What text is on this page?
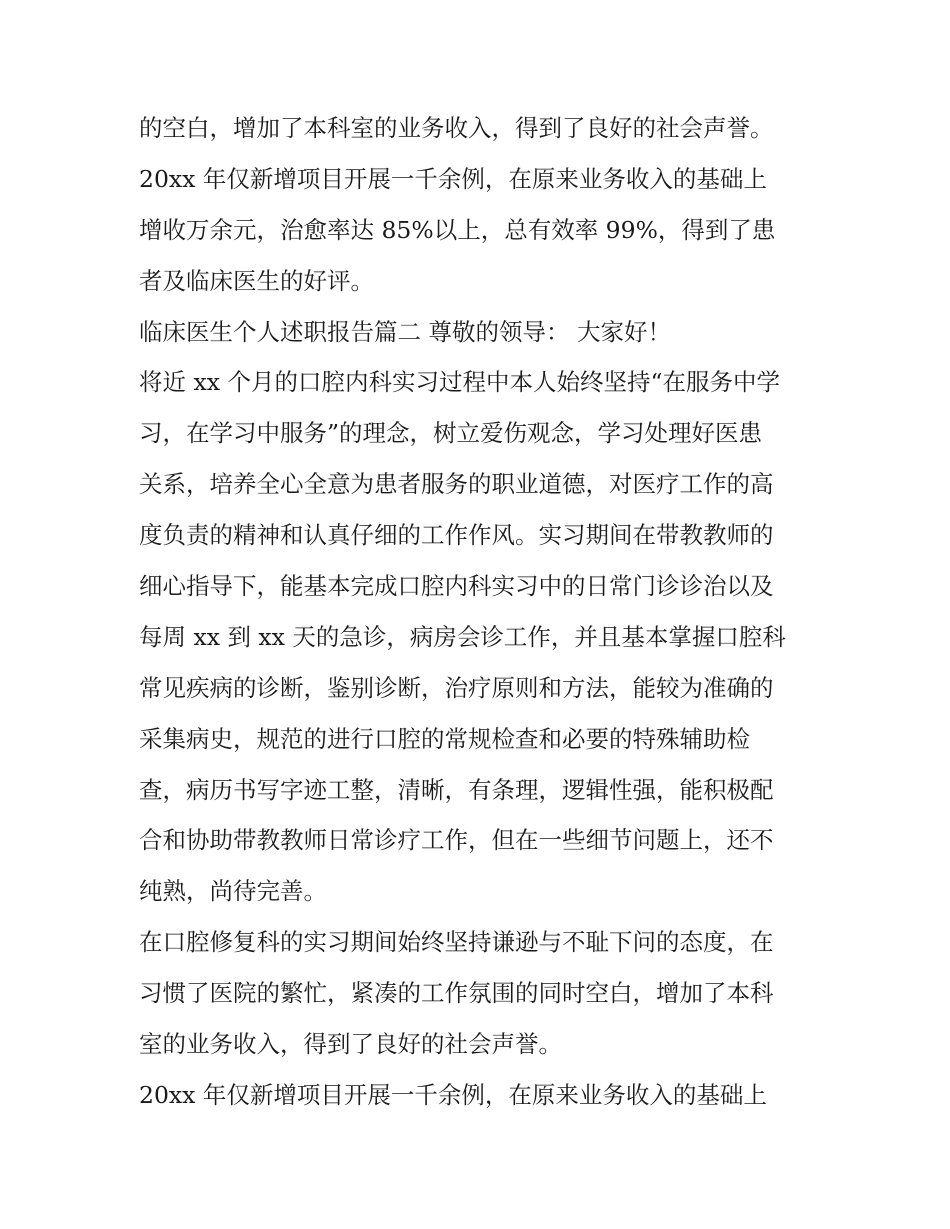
的空白，增加了本科室的业务收入，得到了良好的社会声誉。
20xx 年仅新增项目开展一千余例，在原来业务收入的基础上
增收万余元，治愈率达 85%以上，总有效率 99%，得到了患
者及临床医生的好评。
临床医生个人述职报告篇二 尊敬的领导： 大家好！
将近 xx 个月的口腔内科实习过程中本人始终坚持“在服务中学
习，在学习中服务”的理念，树立爱伤观念，学习处理好医患
关系，培养全心全意为患者服务的职业道德，对医疗工作的高
度负责的精神和认真仔细的工作作风。实习期间在带教教师的
细心指导下，能基本完成口腔内科实习中的日常门诊诊治以及
每周 xx 到 xx 天的急诊，病房会诊工作，并且基本掌握口腔科
常见疾病的诊断，鉴别诊断，治疗原则和方法，能较为准确的
采集病史，规范的进行口腔的常规检查和必要的特殊辅助检
查，病历书写字迹工整，清晰，有条理，逻辑性强，能积极配
合和协助带教教师日常诊疗工作，但在一些细节问题上，还不
纯熟，尚待完善。
在口腔修复科的实习期间始终坚持谦逊与不耻下问的态度，在
习惯了医院的繁忙，紧凑的工作氛围的同时空白，增加了本科
室的业务收入，得到了良好的社会声誉。
20xx 年仅新增项目开展一千余例，在原来业务收入的基础上
